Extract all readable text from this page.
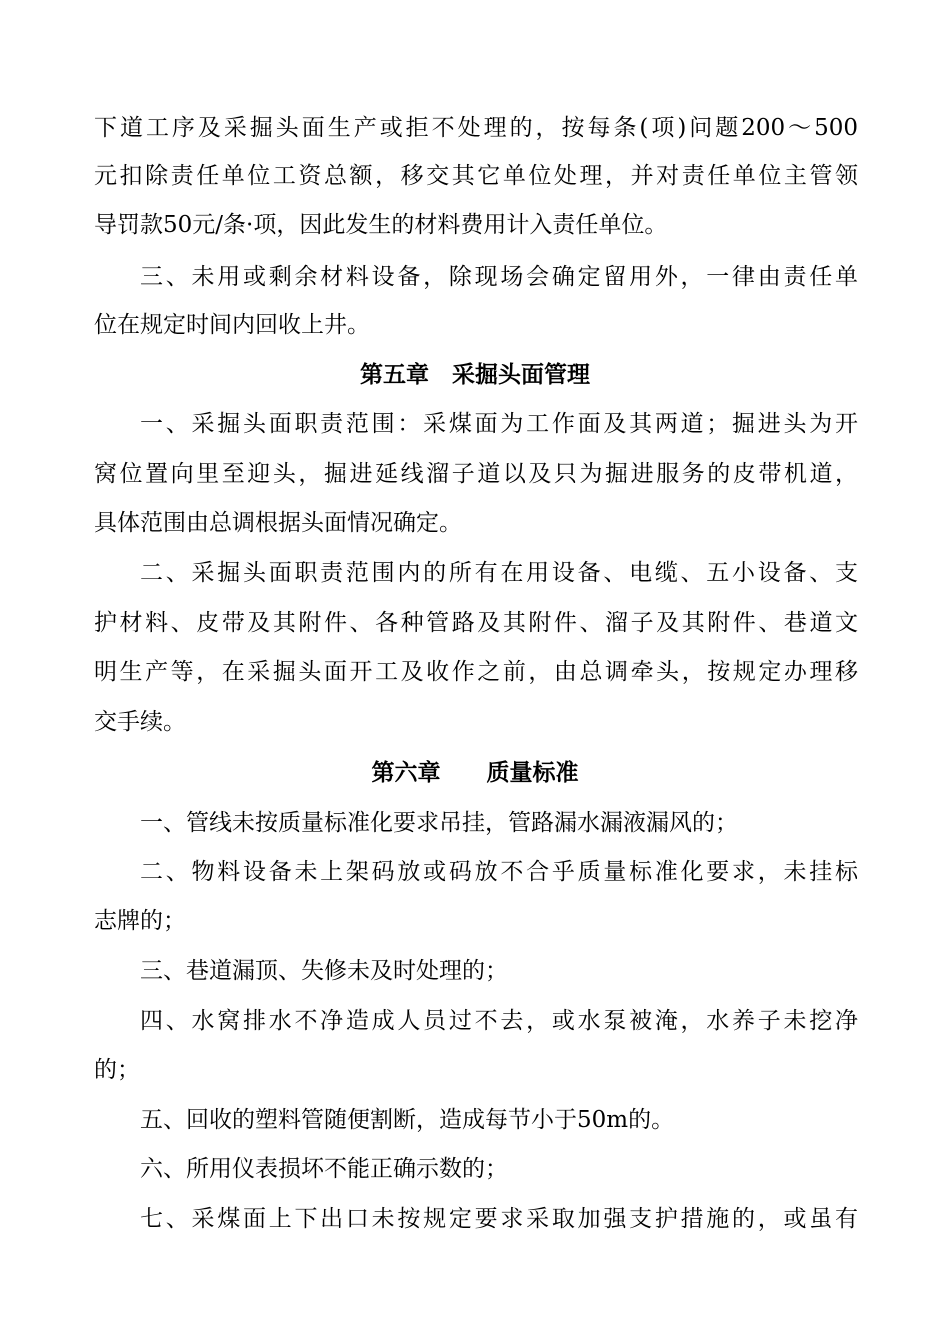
下道工序及采掘头面生产或拒不处理的，按每条(项)问题200～500
元扣除责任单位工资总额，移交其它单位处理，并对责任单位主管领
导罚款50元/条·项，因此发生的材料费用计入责任单位。
三、未用或剩余材料设备，除现场会确定留用外，一律由责任单
位在规定时间内回收上井。
第五章　采掘头面管理
一、采掘头面职责范围：采煤面为工作面及其两道；掘进头为开
窝位置向里至迎头，掘进延线溜子道以及只为掘进服务的皮带机道，
具体范围由总调根据头面情况确定。
二、采掘头面职责范围内的所有在用设备、电缆、五小设备、支
护材料、皮带及其附件、各种管路及其附件、溜子及其附件、巷道文
明生产等，在采掘头面开工及收作之前，由总调牵头，按规定办理移
交手续。
第六章　　质量标准
一、管线未按质量标准化要求吊挂，管路漏水漏液漏风的；
二、物料设备未上架码放或码放不合乎质量标准化要求，未挂标
志牌的；
三、巷道漏顶、失修未及时处理的；
四、水窝排水不净造成人员过不去，或水泵被淹，水养子未挖净
的；
五、回收的塑料管随便割断，造成每节小于50m的。
六、所用仪表损坏不能正确示数的；
七、采煤面上下出口未按规定要求采取加强支护措施的，或虽有
